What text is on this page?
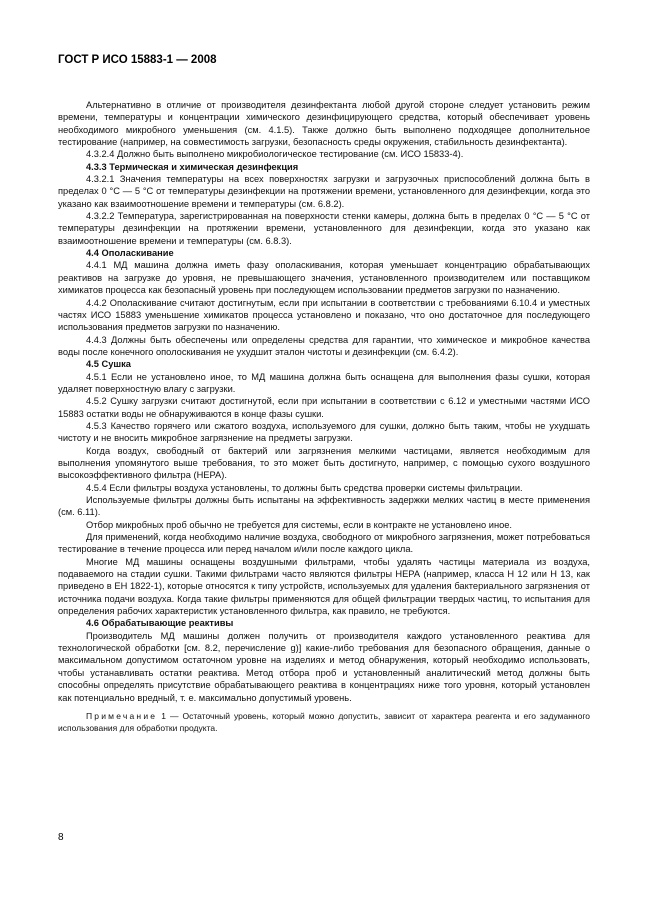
ГОСТ Р ИСО 15883-1 — 2008

Альтернативно в отличие от производителя дезинфектанта любой другой стороне следует установить режим времени, температуры и концентрации химического дезинфицирующего средства, который обеспечивает уровень необходимого микробного уменьшения (см. 4.1.5). Также должно быть выполнено подходящее дополнительное тестирование (например, на совместимость загрузки, безопасность среды окружения, стабильность дезинфектанта).

4.3.2.4 Должно быть выполнено микробиологическое тестирование (см. ИСО 15833-4).

4.3.3 Термическая и химическая дезинфекция

4.3.2.1 Значения температуры на всех поверхностях загрузки и загрузочных приспособлений должна быть в пределах 0 °C — 5 °C от температуры дезинфекции на протяжении времени, установленного для дезинфекции, когда это указано как взаимоотношение времени и температуры (см. 6.8.2).

4.3.2.2 Температура, зарегистрированная на поверхности стенки камеры, должна быть в пределах 0 °C — 5 °C от температуры дезинфекции на протяжении времени, установленного для дезинфекции, когда это указано как взаимоотношение времени и температуры (см. 6.8.3).

4.4 Ополаскивание

4.4.1 МД машина должна иметь фазу ополаскивания, которая уменьшает концентрацию обрабатывающих реактивов на загрузке до уровня, не превышающего значения, установленного производителем или поставщиком химикатов процесса как безопасный уровень при последующем использовании предметов загрузки по назначению.

4.4.2 Ополаскивание считают достигнутым, если при испытании в соответствии с требованиями 6.10.4 и уместных частях ИСО 15883 уменьшение химикатов процесса установлено и показано, что оно достаточное для последующего использования предметов загрузки по назначению.

4.4.3 Должны быть обеспечены или определены средства для гарантии, что химическое и микробное качества воды после конечного ополоскивания не ухудшит эталон чистоты и дезинфекции (см. 6.4.2).

4.5 Сушка

4.5.1 Если не установлено иное, то МД машина должна быть оснащена для выполнения фазы сушки, которая удаляет поверхностную влагу с загрузки.

4.5.2 Сушку загрузки считают достигнутой, если при испытании в соответствии с 6.12 и уместными частями ИСО 15883 остатки воды не обнаруживаются в конце фазы сушки.

4.5.3 Качество горячего или сжатого воздуха, используемого для сушки, должно быть таким, чтобы не ухудшать чистоту и не вносить микробное загрязнение на предметы загрузки.

Когда воздух, свободный от бактерий или загрязнения мелкими частицами, является необходимым для выполнения упомянутого выше требования, то это может быть достигнуто, например, с помощью сухого воздушного высокоэффективного фильтра (НЕРА).

4.5.4 Если фильтры воздуха установлены, то должны быть средства проверки системы фильтрации.

Используемые фильтры должны быть испытаны на эффективность задержки мелких частиц в месте применения (см. 6.11).

Отбор микробных проб обычно не требуется для системы, если в контракте не установлено иное.

Для применений, когда необходимо наличие воздуха, свободного от микробного загрязнения, может потребоваться тестирование в течение процесса или перед началом и/или после каждого цикла.

Многие МД машины оснащены воздушными фильтрами, чтобы удалять частицы материала из воздуха, подаваемого на стадии сушки. Такими фильтрами часто являются фильтры НЕРА (например, класса Н 12 или Н 13, как приведено в ЕН 1822-1), которые относятся к типу устройств, используемых для удаления бактериального загрязнения от источника подачи воздуха. Когда такие фильтры применяются для общей фильтрации твердых частиц, то испытания для определения рабочих характеристик установленного фильтра, как правило, не требуются.

4.6 Обрабатывающие реактивы

Производитель МД машины должен получить от производителя каждого установленного реактива для технологической обработки [см. 8.2, перечисление g)] какие-либо требования для безопасного обращения, данные о максимальном допустимом остаточном уровне на изделиях и метод обнаружения, который необходимо использовать, чтобы устанавливать остатки реактива. Метод отбора проб и установленный аналитический метод должны быть способны определять присутствие обрабатывающего реактива в концентрациях ниже того уровня, который установлен как потенциально вредный, т. е. максимально допустимый уровень.

Примечание 1 — Остаточный уровень, который можно допустить, зависит от характера реагента и его задуманного использования для обработки продукта.

8
